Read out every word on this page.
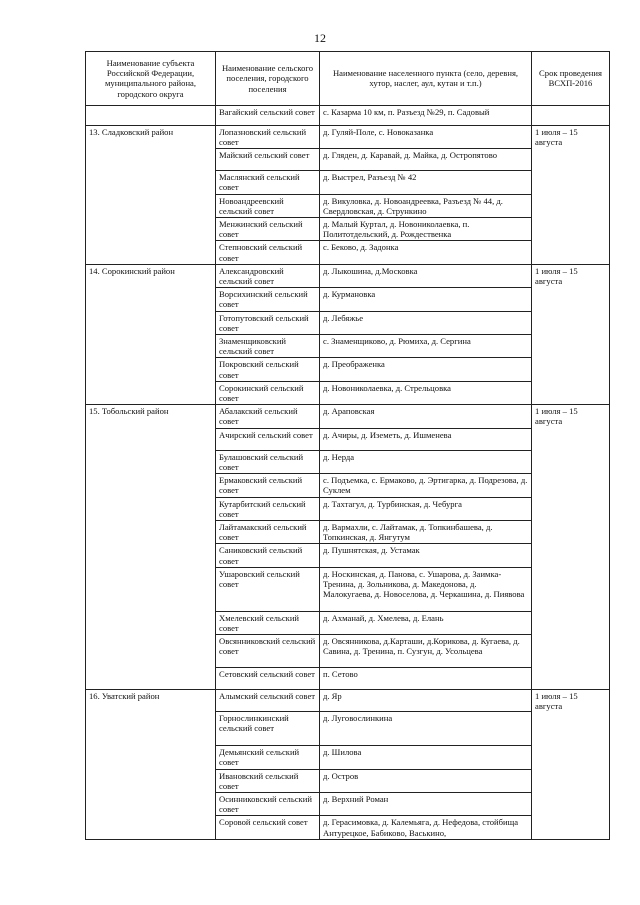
12
Наименование субъекта Российской Федерации, муниципального района, городского округа	Наименование сельского поселения, городского поселения	Наименование населенного пункта (село, деревня, хутор, наслег, аул, кутан и т.п.)	Срок проведения ВСХП-2016
	Вагайский сельский совет	с. Казарма 10 км, п. Разъезд №29, п. Садовый	
13. Сладковский район	Лопазновский сельский совет	д. Гуляй-Поле, с. Новоказанка	1 июля – 15 августа
	Майский сельский совет	д. Гляден, д. Каравай, д. Майка, д. Остропятово	
	Маслянский сельский совет	д. Выстрел, Разъезд № 42	
	Новоандреевский сельский совет	д. Викуловка, д. Новоандреевка, Разъезд № 44, д. Свердловская, д. Стрункино	
	Менжинский сельский совет	д. Малый Куртал, д. Новониколаевка, п. Политотдельский, д. Рождественка	
	Степновский сельский совет	с. Беково, д. Задонка	
14. Сорокинский район	Александровский сельский совет	д. Лыкошина, д.Московка	1 июля – 15 августа
	Ворсихинский сельский совет	д. Курмановка	
	Готопутовский сельский совет	д. Лебяжье	
	Знаменщиковский сельский совет	с. Знаменщиково, д. Рюмиха, д. Сергина	
	Покровский сельский совет	д. Преображенка	
	Сорокинский сельский совет	д. Новониколаевка, д. Стрельцовка	
15. Тобольский район	Абалакский сельский совет	д. Араповская	1 июля – 15 августа
	Ачирский сельский совет	д. Ачиры, д. Иземеть, д. Ишменева	
	Булашовский сельский совет	д. Нерда	
	Ермаковский сельский совет	с. Подъемка, с. Ермаково, д. Эртигарка, д. Подрезова, д. Суклем	
	Кутарбитский сельский совет	д. Тахтагул, д. Турбинская, д. Чебурга	
	Лайтамакский сельский совет	д. Вармахли, с. Лайтамак, д. Топкинбашева, д. Топкинская, д. Янгутум	
	Саниковский сельский совет	д. Пушнятская, д. Устамак	
	Ушаровский сельский совет	д. Носкинская, д. Панова, с. Ушарова, д. Заимка-Тренина, д. Зольникова, д. Македонова, д. Малокугаева, д. Новоселова, д. Черкашина, д. Пиявова	
	Хмелевский сельский совет	д. Ахманай, д. Хмелева, д. Елань	
	Овсянниковский сельский совет	д. Овсянникова, д.Карташи, д.Корикова, д. Кугаева, д. Савина, д. Тренина, п. Сузгун, д. Усольцева	
	Сетовский сельский совет	п. Сетово	
16. Уватский район	Алымский сельский совет	д. Яр	1 июля – 15 августа
	Горнослинкинский сельский совет	д. Луговослинкина	
	Демьянский сельский совет	д. Шилова	
	Ивановский сельский совет	д. Остров	
	Осинниковский сельский совет	д. Верхний Роман	
	Соровой сельский совет	д. Герасимовка, д. Калемьяга, д. Нефедова, стойбища Антурецкое, Бабиково, Васькино,	
